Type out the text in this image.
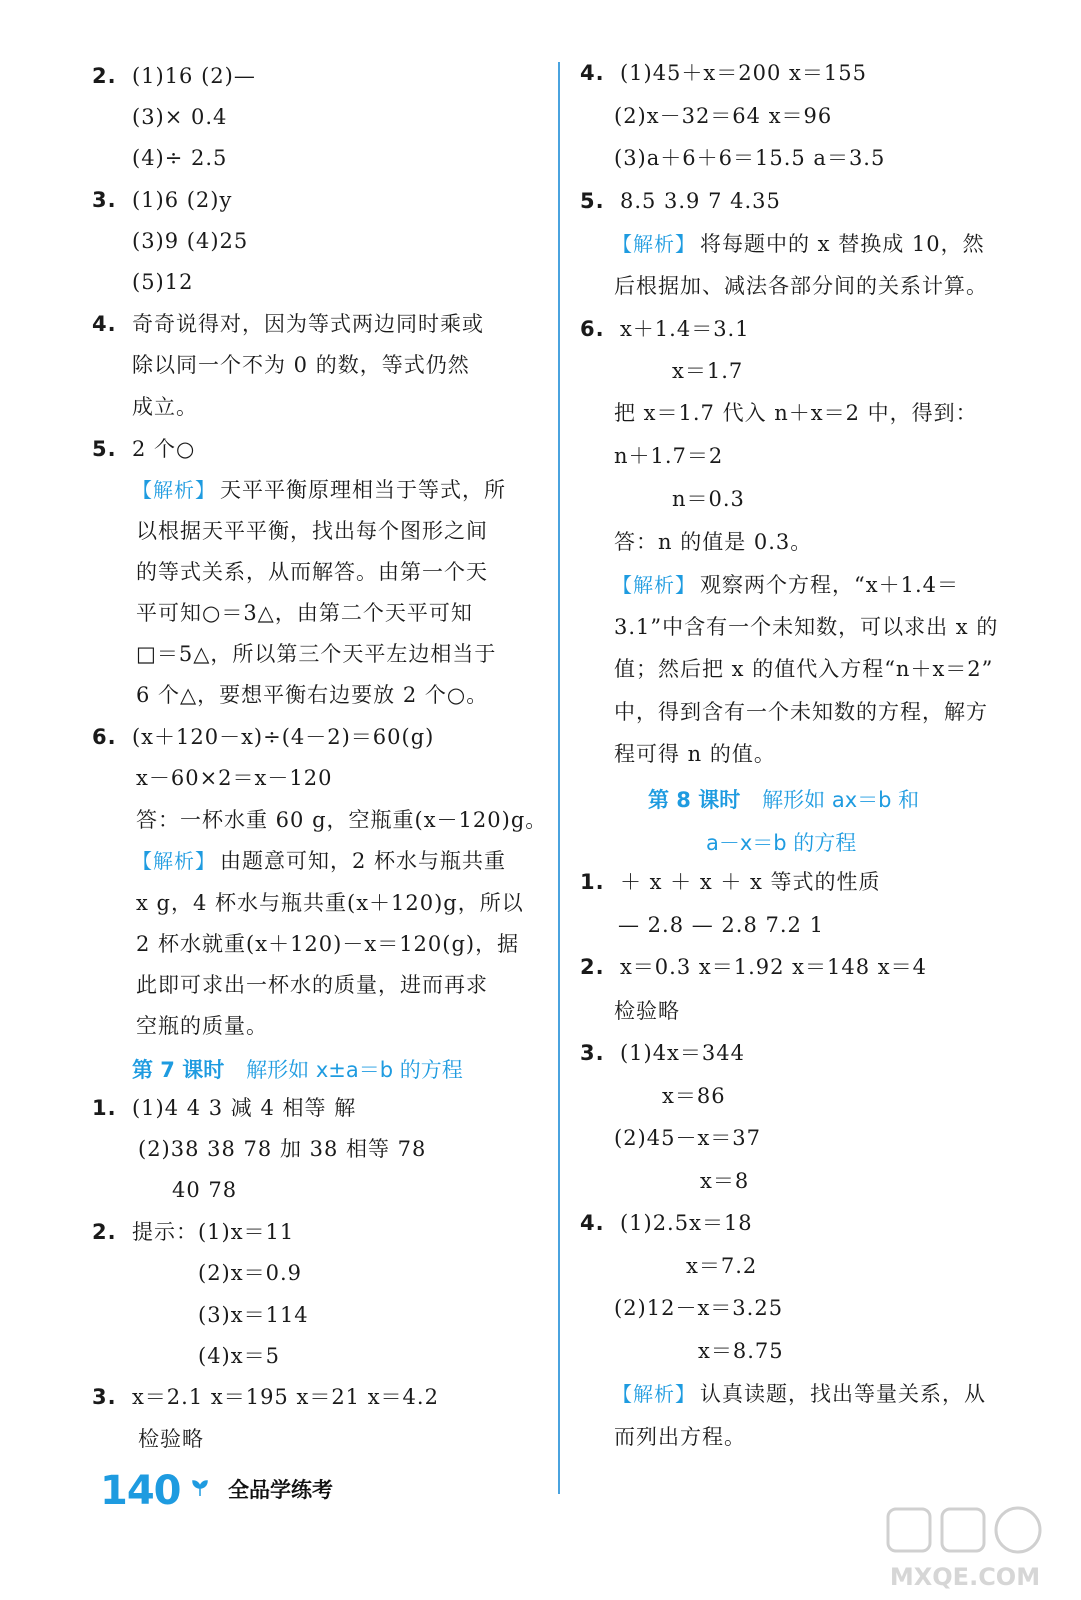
2. (1)16 (2)—
(3)× 0.4
(4)÷ 2.5
3. (1)6 (2)y
(3)9 (4)25
(5)12
4. 奇奇说得对，因为等式两边同时乘或
除以同一个不为 0 的数，等式仍然
成立。
5. 2 个○
【解析】 天平平衡原理相当于等式，所
以根据天平平衡，找出每个图形之间
的等式关系，从而解答。由第一个天
平可知○＝3△，由第二个天平可知
□＝5△，所以第三个天平左边相当于
6 个△，要想平衡右边要放 2 个○。
6. (x＋120－x)÷(4－2)＝60(g)
x－60×2＝x－120
答：一杯水重 60 g，空瓶重(x－120)g。
【解析】 由题意可知，2 杯水与瓶共重
x g，4 杯水与瓶共重(x＋120)g，所以
2 杯水就重(x＋120)－x＝120(g)，据
此即可求出一杯水的质量，进而再求
空瓶的质量。
第 7 课时 解形如 x±a＝b 的方程
1. (1)4 4 3 减 4 相等 解
(2)38 38 78 加 38 相等 78
40 78
2. 提示：(1)x＝11
(2)x＝0.9
(3)x＝114
(4)x＝5
3. x＝2.1 x＝195 x＝21 x＝4.2
检验略
4. (1)45＋x＝200 x＝155
(2)x－32＝64 x＝96
(3)a＋6＋6＝15.5 a＝3.5
5. 8.5 3.9 7 4.35
【解析】 将每题中的 x 替换成 10，然
后根据加、减法各部分间的关系计算。
6. x＋1.4＝3.1
x＝1.7
把 x＝1.7 代入 n＋x＝2 中，得到：
n＋1.7＝2
n＝0.3
答：n 的值是 0.3。
【解析】 观察两个方程，“x＋1.4＝
3.1”中含有一个未知数，可以求出 x 的
值；然后把 x 的值代入方程“n＋x＝2”
中，得到含有一个未知数的方程，解方
程可得 n 的值。
第 8 课时 解形如 ax＝b 和
a－x＝b 的方程
1. ＋ x ＋ x ＋ x 等式的性质
— 2.8 — 2.8 7.2 1
2. x＝0.3 x＝1.92 x＝148 x＝4
检验略
3. (1)4x＝344
x＝86
(2)45－x＝37
x＝8
4. (1)2.5x＝18
x＝7.2
(2)12－x＝3.25
x＝8.75
【解析】 认真读题，找出等量关系，从
而列出方程。
140 全品学练考
MXQE.COM
